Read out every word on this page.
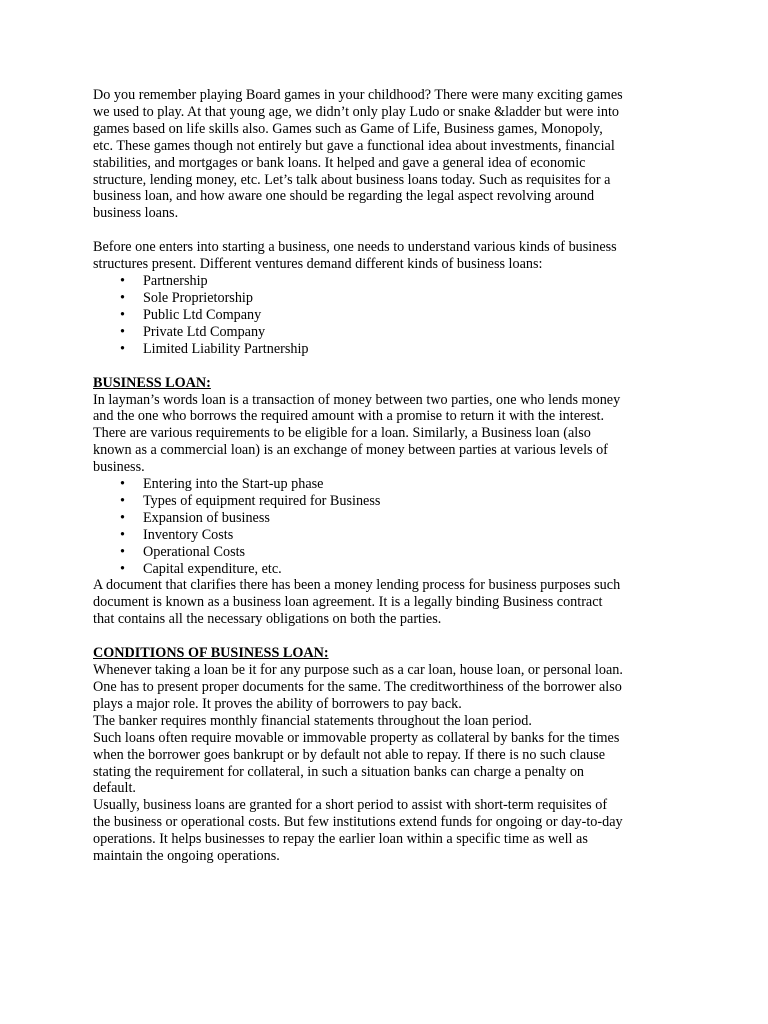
Do you remember playing Board games in your childhood? There were many exciting games
we used to play. At that young age, we didn’t only play Ludo or snake &ladder but were into
games based on life skills also. Games such as Game of Life, Business games, Monopoly,
etc. These games though not entirely but gave a functional idea about investments, financial
stabilities, and mortgages or bank loans. It helped and gave a general idea of economic
structure, lending money, etc. Let’s talk about business loans today. Such as requisites for a
business loan, and how aware one should be regarding the legal aspect revolving around
business loans.

Before one enters into starting a business, one needs to understand various kinds of business
structures present. Different ventures demand different kinds of business loans:

• Partnership
• Sole Proprietorship
• Public Ltd Company
• Private Ltd Company
• Limited Liability Partnership

BUSINESS LOAN:

In layman’s words loan is a transaction of money between two parties, one who lends money
and the one who borrows the required amount with a promise to return it with the interest.
There are various requirements to be eligible for a loan. Similarly, a Business loan (also
known as a commercial loan) is an exchange of money between parties at various levels of
business.

• Entering into the Start-up phase
• Types of equipment required for Business
• Expansion of business
• Inventory Costs
• Operational Costs
• Capital expenditure, etc.

A document that clarifies there has been a money lending process for business purposes such
document is known as a business loan agreement. It is a legally binding Business contract
that contains all the necessary obligations on both the parties.

CONDITIONS OF BUSINESS LOAN:

Whenever taking a loan be it for any purpose such as a car loan, house loan, or personal loan.
One has to present proper documents for the same. The creditworthiness of the borrower also
plays a major role. It proves the ability of borrowers to pay back.

The banker requires monthly financial statements throughout the loan period.

Such loans often require movable or immovable property as collateral by banks for the times
when the borrower goes bankrupt or by default not able to repay. If there is no such clause
stating the requirement for collateral, in such a situation banks can charge a penalty on
default.

Usually, business loans are granted for a short period to assist with short-term requisites of
the business or operational costs. But few institutions extend funds for ongoing or day-to-day
operations. It helps businesses to repay the earlier loan within a specific time as well as
maintain the ongoing operations.
